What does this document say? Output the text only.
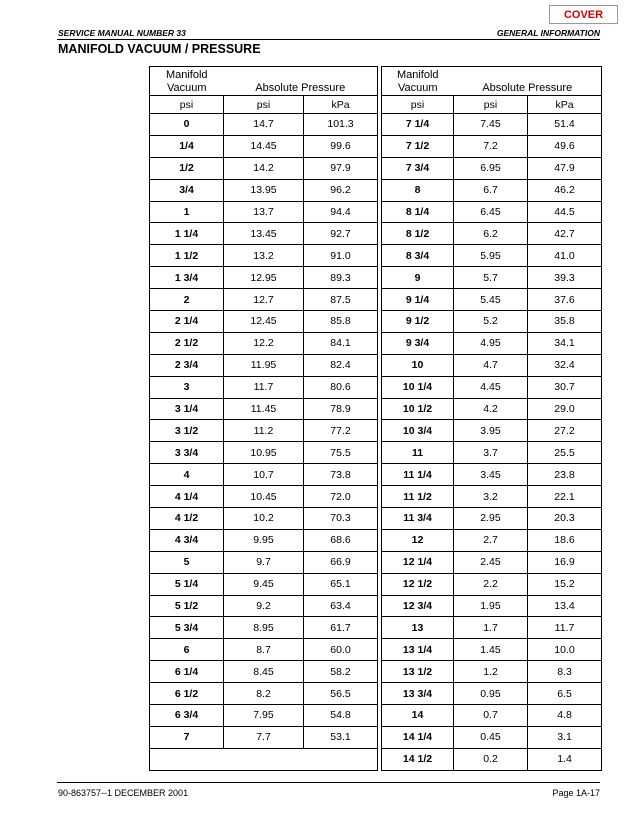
COVER
SERVICE MANUAL NUMBER 33	GENERAL INFORMATION
MANIFOLD VACUUM / PRESSURE
Manifold
Vacuum	Absolute Pressure	
psi	psi	kPa
0	14.7	101.3
1/4	14.45	99.6
1/2	14.2	97.9
3/4	13.95	96.2
1	13.7	94.4
1 1/4	13.45	92.7
1 1/2	13.2	91.0
1 3/4	12.95	89.3
2	12.7	87.5
2 1/4	12.45	85.8
2 1/2	12.2	84.1
2 3/4	11.95	82.4
3	11.7	80.6
3 1/4	11.45	78.9
3 1/2	11.2	77.2
3 3/4	10.95	75.5
4	10.7	73.8
4 1/4	10.45	72.0
4 1/2	10.2	70.3
4 3/4	9.95	68.6
5	9.7	66.9
5 1/4	9.45	65.1
5 1/2	9.2	63.4
5 3/4	8.95	61.7
6	8.7	60.0
6 1/4	8.45	58.2
6 1/2	8.2	56.5
6 3/4	7.95	54.8
7	7.7	53.1

Manifold
Vacuum	Absolute Pressure	
psi	psi	kPa
7 1/4	7.45	51.4
7 1/2	7.2	49.6
7 3/4	6.95	47.9
8	6.7	46.2
8 1/4	6.45	44.5
8 1/2	6.2	42.7
8 3/4	5.95	41.0
9	5.7	39.3
9 1/4	5.45	37.6
9 1/2	5.2	35.8
9 3/4	4.95	34.1
10	4.7	32.4
10 1/4	4.45	30.7
10 1/2	4.2	29.0
10 3/4	3.95	27.2
11	3.7	25.5
11 1/4	3.45	23.8
11 1/2	3.2	22.1
11 3/4	2.95	20.3
12	2.7	18.6
12 1/4	2.45	16.9
12 1/2	2.2	15.2
12 3/4	1.95	13.4
13	1.7	11.7
13 1/4	1.45	10.0
13 1/2	1.2	8.3
13 3/4	0.95	6.5
14	0.7	4.8
14 1/4	0.45	3.1
14 1/2	0.2	1.4
90-863757--1 DECEMBER 2001	Page 1A-17
